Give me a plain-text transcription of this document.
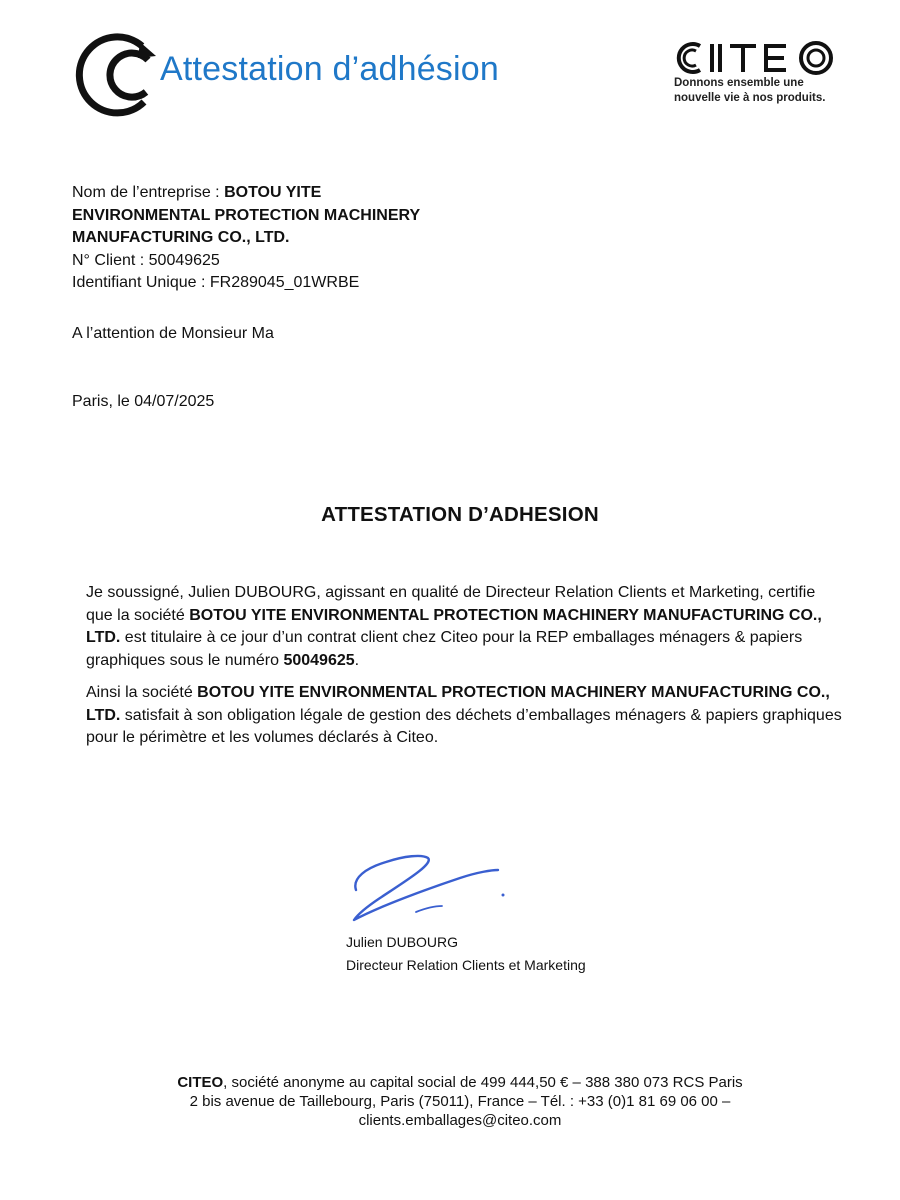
Attestation d’adhésion	Donnons ensemble une
nouvelle vie à nos produits.
Nom de l’entreprise : BOTOU YITE
ENVIRONMENTAL PROTECTION MACHINERY
MANUFACTURING CO., LTD.
N° Client : 50049625
Identifiant Unique : FR289045_01WRBE
A l’attention de Monsieur Ma
Paris, le 04/07/2025
ATTESTATION D’ADHESION
Je soussigné, Julien DUBOURG, agissant en qualité de Directeur Relation Clients et Marketing, certifie que la société BOTOU YITE ENVIRONMENTAL PROTECTION MACHINERY MANUFACTURING CO., LTD. est titulaire à ce jour d’un contrat client chez Citeo pour la REP emballages ménagers & papiers graphiques sous le numéro 50049625.
Ainsi la société BOTOU YITE ENVIRONMENTAL PROTECTION MACHINERY MANUFACTURING CO., LTD. satisfait à son obligation légale de gestion des déchets d’emballages ménagers & papiers graphiques pour le périmètre et les volumes déclarés à Citeo.
Julien DUBOURG
Directeur Relation Clients et Marketing
CITEO, société anonyme au capital social de 499 444,50 € – 388 380 073 RCS Paris
2 bis avenue de Taillebourg, Paris (75011), France – Tél. : +33 (0)1 81 69 06 00 –
clients.emballages@citeo.com
